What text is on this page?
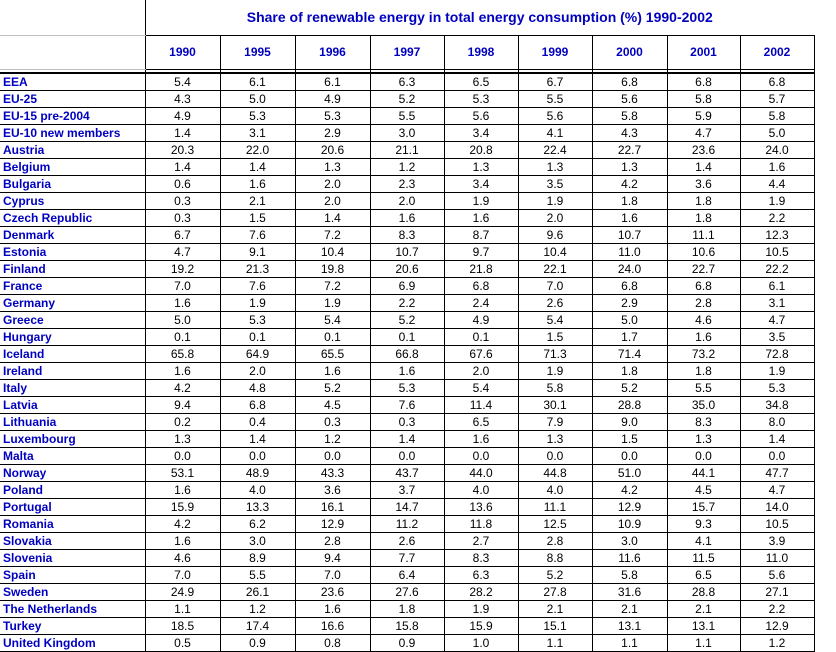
	Share of renewable energy in total energy consumption (%) 1990-2002								
	1990	1995	1996	1997	1998	1999	2000	2001	2002

EEA	5.4	6.1	6.1	6.3	6.5	6.7	6.8	6.8	6.8
EU-25	4.3	5.0	4.9	5.2	5.3	5.5	5.6	5.8	5.7
EU-15 pre-2004	4.9	5.3	5.3	5.5	5.6	5.6	5.8	5.9	5.8
EU-10 new members	1.4	3.1	2.9	3.0	3.4	4.1	4.3	4.7	5.0
Austria	20.3	22.0	20.6	21.1	20.8	22.4	22.7	23.6	24.0
Belgium	1.4	1.4	1.3	1.2	1.3	1.3	1.3	1.4	1.6
Bulgaria	0.6	1.6	2.0	2.3	3.4	3.5	4.2	3.6	4.4
Cyprus	0.3	2.1	2.0	2.0	1.9	1.9	1.8	1.8	1.9
Czech Republic	0.3	1.5	1.4	1.6	1.6	2.0	1.6	1.8	2.2
Denmark	6.7	7.6	7.2	8.3	8.7	9.6	10.7	11.1	12.3
Estonia	4.7	9.1	10.4	10.7	9.7	10.4	11.0	10.6	10.5
Finland	19.2	21.3	19.8	20.6	21.8	22.1	24.0	22.7	22.2
France	7.0	7.6	7.2	6.9	6.8	7.0	6.8	6.8	6.1
Germany	1.6	1.9	1.9	2.2	2.4	2.6	2.9	2.8	3.1
Greece	5.0	5.3	5.4	5.2	4.9	5.4	5.0	4.6	4.7
Hungary	0.1	0.1	0.1	0.1	0.1	1.5	1.7	1.6	3.5
Iceland	65.8	64.9	65.5	66.8	67.6	71.3	71.4	73.2	72.8
Ireland	1.6	2.0	1.6	1.6	2.0	1.9	1.8	1.8	1.9
Italy	4.2	4.8	5.2	5.3	5.4	5.8	5.2	5.5	5.3
Latvia	9.4	6.8	4.5	7.6	11.4	30.1	28.8	35.0	34.8
Lithuania	0.2	0.4	0.3	0.3	6.5	7.9	9.0	8.3	8.0
Luxembourg	1.3	1.4	1.2	1.4	1.6	1.3	1.5	1.3	1.4
Malta	0.0	0.0	0.0	0.0	0.0	0.0	0.0	0.0	0.0
Norway	53.1	48.9	43.3	43.7	44.0	44.8	51.0	44.1	47.7
Poland	1.6	4.0	3.6	3.7	4.0	4.0	4.2	4.5	4.7
Portugal	15.9	13.3	16.1	14.7	13.6	11.1	12.9	15.7	14.0
Romania	4.2	6.2	12.9	11.2	11.8	12.5	10.9	9.3	10.5
Slovakia	1.6	3.0	2.8	2.6	2.7	2.8	3.0	4.1	3.9
Slovenia	4.6	8.9	9.4	7.7	8.3	8.8	11.6	11.5	11.0
Spain	7.0	5.5	7.0	6.4	6.3	5.2	5.8	6.5	5.6
Sweden	24.9	26.1	23.6	27.6	28.2	27.8	31.6	28.8	27.1
The Netherlands	1.1	1.2	1.6	1.8	1.9	2.1	2.1	2.1	2.2
Turkey	18.5	17.4	16.6	15.8	15.9	15.1	13.1	13.1	12.9
United Kingdom	0.5	0.9	0.8	0.9	1.0	1.1	1.1	1.1	1.2
